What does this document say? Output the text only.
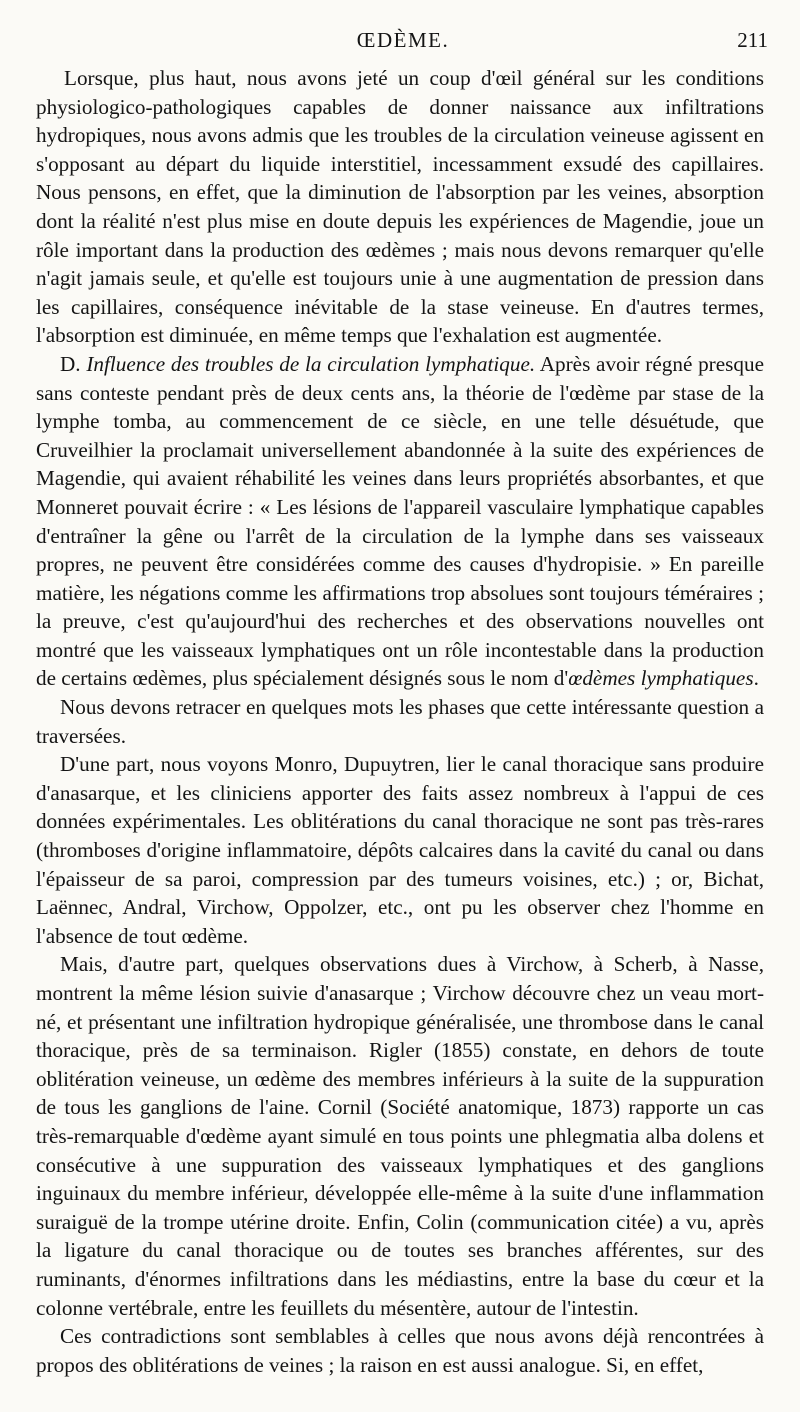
ŒDÈME.	211

Lorsque, plus haut, nous avons jeté un coup d'œil général sur les conditions physiologico-pathologiques capables de donner naissance aux infiltrations hydropiques, nous avons admis que les troubles de la circulation veineuse agissent en s'opposant au départ du liquide interstitiel, incessamment exsudé des capillaires. Nous pensons, en effet, que la diminution de l'absorption par les veines, absorption dont la réalité n'est plus mise en doute depuis les expériences de Magendie, joue un rôle important dans la production des œdèmes ; mais nous devons remarquer qu'elle n'agit jamais seule, et qu'elle est toujours unie à une augmentation de pression dans les capillaires, conséquence inévitable de la stase veineuse. En d'autres termes, l'absorption est diminuée, en même temps que l'exhalation est augmentée.

D. Influence des troubles de la circulation lymphatique. Après avoir régné presque sans conteste pendant près de deux cents ans, la théorie de l'œdème par stase de la lymphe tomba, au commencement de ce siècle, en une telle désuétude, que Cruveilhier la proclamait universellement abandonnée à la suite des expériences de Magendie, qui avaient réhabilité les veines dans leurs propriétés absorbantes, et que Monneret pouvait écrire : « Les lésions de l'appareil vasculaire lymphatique capables d'entraîner la gêne ou l'arrêt de la circulation de la lymphe dans ses vaisseaux propres, ne peuvent être considérées comme des causes d'hydropisie. » En pareille matière, les négations comme les affirmations trop absolues sont toujours téméraires ; la preuve, c'est qu'aujourd'hui des recherches et des observations nouvelles ont montré que les vaisseaux lymphatiques ont un rôle incontestable dans la production de certains œdèmes, plus spécialement désignés sous le nom d'œdèmes lymphatiques.

Nous devons retracer en quelques mots les phases que cette intéressante question a traversées.

D'une part, nous voyons Monro, Dupuytren, lier le canal thoracique sans produire d'anasarque, et les cliniciens apporter des faits assez nombreux à l'appui de ces données expérimentales. Les oblitérations du canal thoracique ne sont pas très-rares (thromboses d'origine inflammatoire, dépôts calcaires dans la cavité du canal ou dans l'épaisseur de sa paroi, compression par des tumeurs voisines, etc.) ; or, Bichat, Laënnec, Andral, Virchow, Oppolzer, etc., ont pu les observer chez l'homme en l'absence de tout œdème.

Mais, d'autre part, quelques observations dues à Virchow, à Scherb, à Nasse, montrent la même lésion suivie d'anasarque ; Virchow découvre chez un veau mort-né, et présentant une infiltration hydropique généralisée, une thrombose dans le canal thoracique, près de sa terminaison. Rigler (1855) constate, en dehors de toute oblitération veineuse, un œdème des membres inférieurs à la suite de la suppuration de tous les ganglions de l'aine. Cornil (Société anatomique, 1873) rapporte un cas très-remarquable d'œdème ayant simulé en tous points une phlegmatia alba dolens et consécutive à une suppuration des vaisseaux lymphatiques et des ganglions inguinaux du membre inférieur, développée elle-même à la suite d'une inflammation suraiguë de la trompe utérine droite. Enfin, Colin (communication citée) a vu, après la ligature du canal thoracique ou de toutes ses branches afférentes, sur des ruminants, d'énormes infiltrations dans les médiastins, entre la base du cœur et la colonne vertébrale, entre les feuillets du mésentère, autour de l'intestin.

Ces contradictions sont semblables à celles que nous avons déjà rencontrées à propos des oblitérations de veines ; la raison en est aussi analogue. Si, en effet,
